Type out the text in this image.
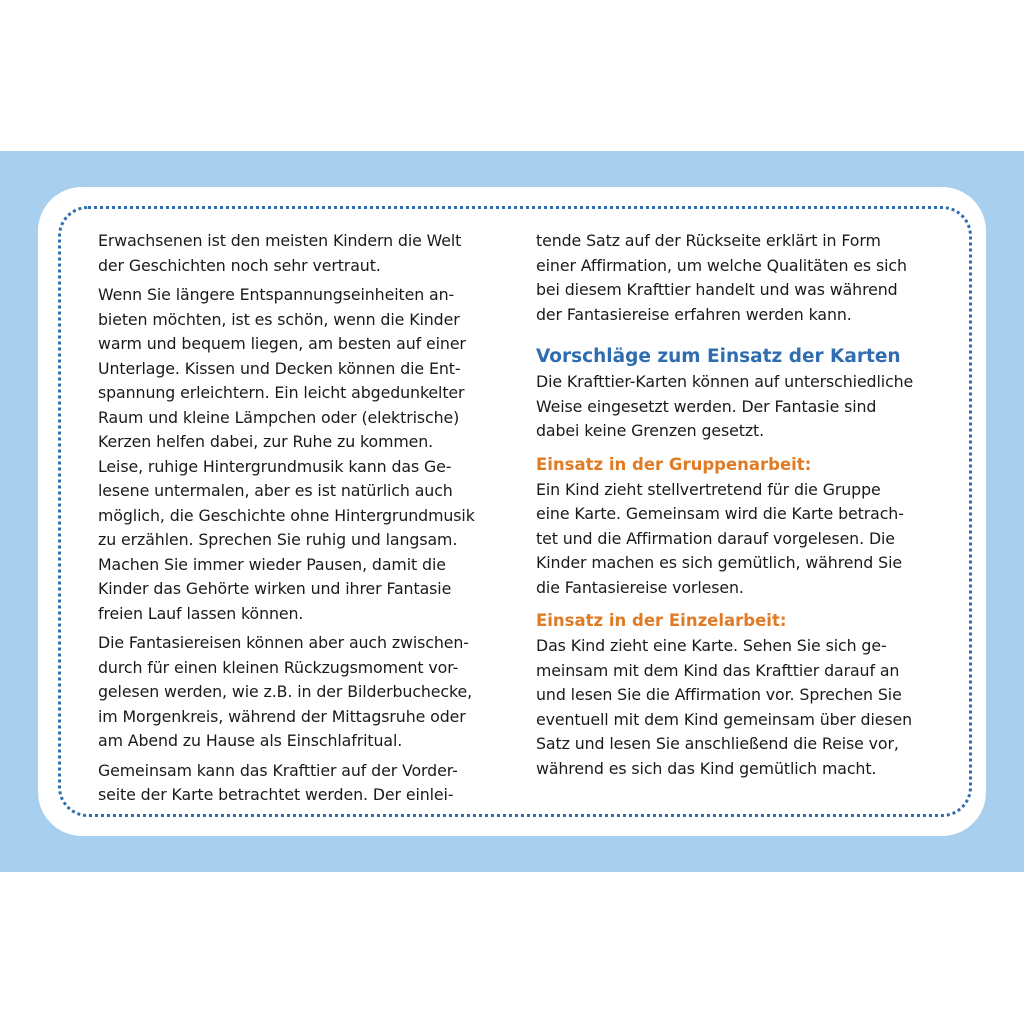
Erwachsenen ist den meisten Kindern die Welt
der Geschichten noch sehr vertraut.

Wenn Sie längere Entspannungseinheiten an-
bieten möchten, ist es schön, wenn die Kinder
warm und bequem liegen, am besten auf einer
Unterlage. Kissen und Decken können die Ent-
spannung erleichtern. Ein leicht abgedunkelter
Raum und kleine Lämpchen oder (elektrische)
Kerzen helfen dabei, zur Ruhe zu kommen.
Leise, ruhige Hintergrundmusik kann das Ge-
lesene untermalen, aber es ist natürlich auch
möglich, die Geschichte ohne Hintergrundmusik
zu erzählen. Sprechen Sie ruhig und langsam.
Machen Sie immer wieder Pausen, damit die
Kinder das Gehörte wirken und ihrer Fantasie
freien Lauf lassen können.

Die Fantasiereisen können aber auch zwischen-
durch für einen kleinen Rückzugsmoment vor-
gelesen werden, wie z.B. in der Bilderbuchecke,
im Morgenkreis, während der Mittagsruhe oder
am Abend zu Hause als Einschlafritual.

Gemeinsam kann das Krafttier auf der Vorder-
seite der Karte betrachtet werden. Der einlei-

tende Satz auf der Rückseite erklärt in Form
einer Affirmation, um welche Qualitäten es sich
bei diesem Krafttier handelt und was während
der Fantasiereise erfahren werden kann.

Vorschläge zum Einsatz der Karten

Die Krafttier-Karten können auf unterschiedliche
Weise eingesetzt werden. Der Fantasie sind
dabei keine Grenzen gesetzt.

Einsatz in der Gruppenarbeit:

Ein Kind zieht stellvertretend für die Gruppe
eine Karte. Gemeinsam wird die Karte betrach-
tet und die Affirmation darauf vorgelesen. Die
Kinder machen es sich gemütlich, während Sie
die Fantasiereise vorlesen.

Einsatz in der Einzelarbeit:

Das Kind zieht eine Karte. Sehen Sie sich ge-
meinsam mit dem Kind das Krafttier darauf an
und lesen Sie die Affirmation vor. Sprechen Sie
eventuell mit dem Kind gemeinsam über diesen
Satz und lesen Sie anschließend die Reise vor,
während es sich das Kind gemütlich macht.
